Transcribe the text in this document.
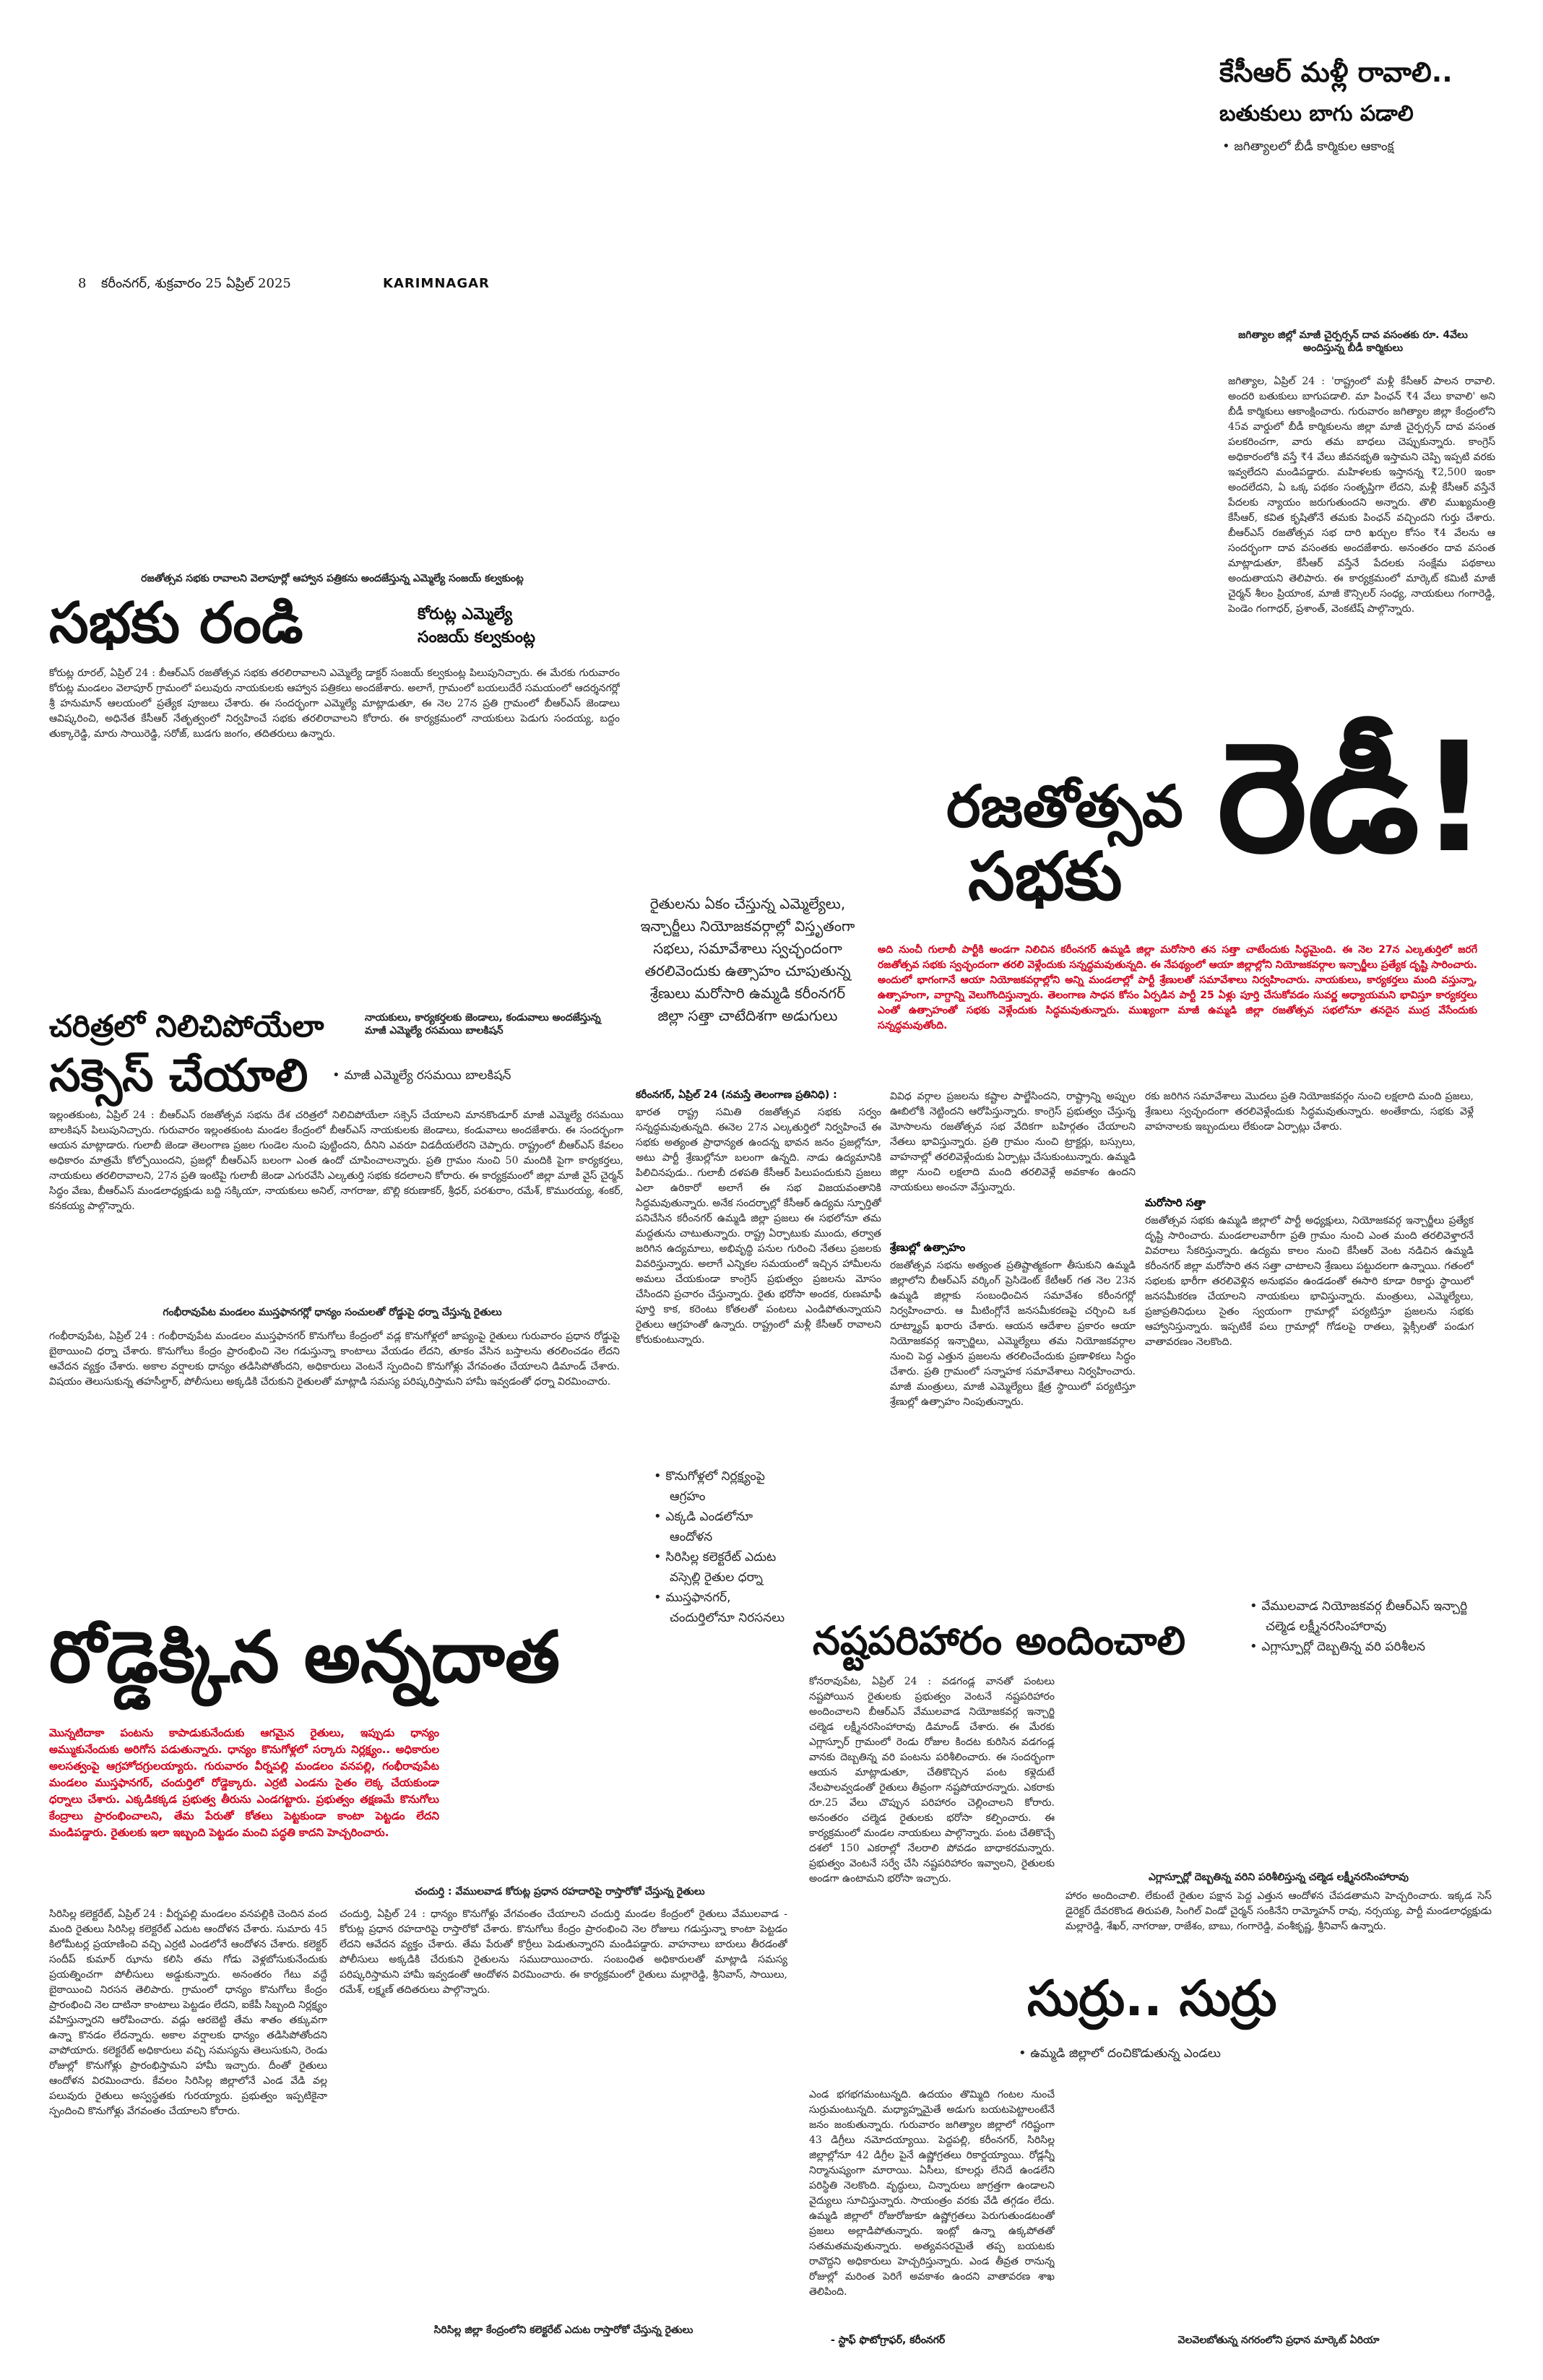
కేసీఆర్ మళ్లీ రావాలి..
బతుకులు బాగు పడాలి
• జగిత్యాలలో బీడీ కార్మికుల ఆకాంక్ష
8 కరీంనగర్, శుక్రవారం 25 ఏప్రిల్ 2025	KARIMNAGAR
జగిత్యాల జిల్లో మాజీ చైర్పర్సన్ దావ వసంతకు రూ. 4వేలు అందిస్తున్న బీడీ కార్మికులు
జగిత్యాల, ఏప్రిల్ 24 : 'రాష్ట్రంలో మళ్లీ కేసీఆర్ పాలన రావాలి. అందరి బతుకులు బాగుపడాలి. మా పింఛన్ ₹4 వేలు కావాలి' అని బీడీ కార్మికులు ఆకాంక్షించారు. గురువారం జగిత్యాల జిల్లా కేంద్రంలోని 45వ వార్డులో బీడీ కార్మికులను జిల్లా మాజీ చైర్పర్సన్ దావ వసంత పలకరించగా, వారు తమ బాధలు చెప్పుకున్నారు. కాంగ్రెస్ అధికారంలోకి వస్తే ₹4 వేలు జీవనభృతి ఇస్తామని చెప్పి ఇప్పటి వరకు ఇవ్వలేదని మండిపడ్డారు. మహిళలకు ఇస్తానన్న ₹2,500 ఇంకా అందలేదని, ఏ ఒక్క పథకం సంతృప్తిగా లేదని, మళ్లీ కేసీఆర్ వస్తేనే పేదలకు న్యాయం జరుగుతుందని అన్నారు. తొలి ముఖ్యమంత్రి కేసీఆర్, కవిత కృషితోనే తమకు పింఛన్ వచ్చిందని గుర్తు చేశారు. బీఆర్ఎస్ రజతోత్సవ సభ దారి ఖర్చుల కోసం ₹4 వేలను ఆ సందర్భంగా దావ వసంతకు అందజేశారు. అనంతరం దావ వసంత మాట్లాడుతూ, కేసీఆర్ వస్తేనే పేదలకు సంక్షేమ పథకాలు అందుతాయని తెలిపారు. ఈ కార్యక్రమంలో మార్కెట్ కమిటీ మాజీ చైర్మన్ శీలం ప్రియాంక, మాజీ కౌన్సిలర్ సంధ్య, నాయకులు గంగారెడ్డి, పెండెం గంగాధర్, ప్రశాంత్, వెంకటేష్ పాల్గొన్నారు.
రజతోత్సవ సభకు రావాలని వెలాపూర్లో ఆహ్వాన పత్రికను అందజేస్తున్న ఎమ్మెల్యే సంజయ్ కల్వకుంట్ల
సభకు రండి	కోరుట్ల ఎమ్మెల్యే
సంజయ్ కల్వకుంట్ల
కోరుట్ల రూరల్, ఏప్రిల్ 24 : బీఆర్ఎస్ రజతోత్సవ సభకు తరలిరావాలని ఎమ్మెల్యే డాక్టర్ సంజయ్ కల్వకుంట్ల పిలుపునిచ్చారు. ఈ మేరకు గురువారం కోరుట్ల మండలం వెలాపూర్ గ్రామంలో పలువురు నాయకులకు ఆహ్వాన పత్రికలు అందజేశారు. అలాగే, గ్రామంలో బయలుదేరే సమయంలో ఆదర్శనగర్లో శ్రీ హనుమాన్ ఆలయంలో ప్రత్యేక పూజలు చేశారు. ఈ సందర్భంగా ఎమ్మెల్యే మాట్లాడుతూ, ఈ నెల 27న ప్రతి గ్రామంలో బీఆర్ఎస్ జెండాలు ఆవిష్కరించి, అధినేత కేసీఆర్ నేతృత్వంలో నిర్వహించే సభకు తరలిరావాలని కోరారు. ఈ కార్యక్రమంలో నాయకులు పెడుగు సందయ్య, బద్దం తుక్కారెడ్డి, మారు సాయిరెడ్డి, సరోజ్, బుడగు జంగం, తదితరులు ఉన్నారు.
రజతోత్సవ
సభకు రెడీ!
రైతులను ఏకం చేస్తున్న ఎమ్మెల్యేలు, ఇన్చార్జీలు నియోజకవర్గాల్లో విస్తృతంగా సభలు, సమావేశాలు స్వచ్ఛందంగా తరలివెందుకు ఉత్సాహం చూపుతున్న శ్రేణులు మరోసారి ఉమ్మడి కరీంనగర్ జిల్లా సత్తా చాటేదిశగా అడుగులు
అది నుంచీ గులాబీ పార్టీకి అండగా నిలిచిన కరీంనగర్ ఉమ్మడి జిల్లా మరోసారి తన సత్తా చాటేందుకు సిద్ధమైంది. ఈ నెల 27న ఎల్కతుర్తిలో జరగే రజతోత్సవ సభకు స్వచ్ఛందంగా తరలి వెళ్లేందుకు సన్నద్ధమవుతున్నది. ఈ నేపథ్యంలో ఆయా జిల్లాల్లోని నియోజకవర్గాల ఇన్చార్జీలు ప్రత్యేక దృష్టి సారించారు. అందులో భాగంగానే ఆయా నియోజకవర్గాల్లోని అన్ని మండలాల్లో పార్టీ శ్రేణులతో సమావేశాలు నిర్వహించారు. నాయకులు, కార్యకర్తలు మంది వస్తున్నా, ఉత్సాహంగా, వాగ్దాన్ని వెలుగొందిస్తున్నారు. తెలంగాణ సాధన కోసం ఏర్పడిన పార్టీ 25 ఏళ్లు పూర్తి చేసుకోవడం సువర్ణ అధ్యాయమని భావిస్తూ కార్యకర్తలు ఎంతో ఉత్సాహంతో సభకు వెళ్లేందుకు సిద్ధమవుతున్నారు. ముఖ్యంగా మాజీ ఉమ్మడి జిల్లా రజతోత్సవ సభలోనూ తనదైన ముద్ర వేసేందుకు సన్నద్ధమవుతోంది.
చరిత్రలో నిలిచిపోయేలా
సక్సెస్ చేయాలి
నాయకులు, కార్యకర్తలకు జెండాలు, కండువాలు అందజేస్తున్న మాజీ ఎమ్మెల్యే రసమయి బాలకిషన్
• మాజీ ఎమ్మెల్యే రసమయి బాలకిషన్
ఇల్లంతకుంట, ఏప్రిల్ 24 : బీఆర్ఎస్ రజతోత్సవ సభను దేశ చరిత్రలో నిలిచిపోయేలా సక్సెస్ చేయాలని మానకొండూర్ మాజీ ఎమ్మెల్యే రసమయి బాలకిషన్ పిలుపునిచ్చారు. గురువారం ఇల్లంతకుంట మండల కేంద్రంలో బీఆర్ఎస్ నాయకులకు జెండాలు, కండువాలు అందజేశారు. ఈ సందర్భంగా ఆయన మాట్లాడారు. గులాబీ జెండా తెలంగాణ ప్రజల గుండెల నుంచి పుట్టిందని, దీనిని ఎవరూ విడదీయలేరని చెప్పారు. రాష్ట్రంలో బీఆర్ఎస్ కేవలం అధికారం మాత్రమే కోల్పోయిందని, ప్రజల్లో బీఆర్ఎస్ బలంగా ఎంత ఉందో చూపించాలన్నారు. ప్రతి గ్రామం నుంచి 50 మందికి పైగా కార్యకర్తలు, నాయకులు తరలిరావాలని, 27న ప్రతి ఇంటిపై గులాబీ జెండా ఎగురవేసి ఎల్కతుర్తి సభకు కదలాలని కోరారు. ఈ కార్యక్రమంలో జిల్లా మాజీ వైస్ చైర్మన్ సిద్ధం వేణు, బీఆర్ఎస్ మండలాధ్యక్షుడు బద్ది సక్కియా, నాయకులు అనిల్, నాగరాజు, బొల్లి కరుణాకర్, శ్రీధర్, పరశురాం, రమేశ్, కొమురయ్య, శంకర్, కనకయ్య పాల్గొన్నారు.
కరీంనగర్, ఏప్రిల్ 24 (నమస్తే తెలంగాణ ప్రతినిధి) :
భారత రాష్ట్ర సమితి రజతోత్సవ సభకు సర్వం సన్నద్ధమవుతున్నది. ఈనెల 27న ఎల్కతుర్తిలో నిర్వహించే ఈ సభకు అత్యంత ప్రాధాన్యత ఉందన్న భావన జనం ప్రజల్లోనూ, అటు పార్టీ శ్రేణుల్లోనూ బలంగా ఉన్నది. నాడు ఉద్యమానికి పిలిచినపుడు.. గులాబీ దళపతి కేసీఆర్ పిలుపందుకుని ప్రజలు ఎలా ఉరికారో అలాగే ఈ సభ విజయవంతానికి సిద్ధమవుతున్నారు. అనేక సందర్భాల్లో కేసీఆర్ ఉద్యమ స్ఫూర్తితో పనిచేసిన కరీంనగర్ ఉమ్మడి జిల్లా ప్రజలు ఈ సభలోనూ తమ మద్దతును చాటుతున్నారు. రాష్ట్ర ఏర్పాటుకు ముందు, తర్వాత జరిగిన ఉద్యమాలు, అభివృద్ధి పనుల గురించి నేతలు ప్రజలకు వివరిస్తున్నారు. అలాగే ఎన్నికల సమయంలో ఇచ్చిన హామీలను అమలు చేయకుండా కాంగ్రెస్ ప్రభుత్వం ప్రజలను మోసం చేసిందని ప్రచారం చేస్తున్నారు. రైతు భరోసా అందక, రుణమాఫీ పూర్తి కాక, కరెంటు కోతలతో పంటలు ఎండిపోతున్నాయని రైతులు ఆగ్రహంతో ఉన్నారు. రాష్ట్రంలో మళ్లీ కేసీఆర్ రావాలని కోరుకుంటున్నారు.
వివిధ వర్గాల ప్రజలను కష్టాల పాల్జేసిందని, రాష్ట్రాన్ని అప్పుల ఊబిలోకి నెట్టిందని ఆరోపిస్తున్నారు. కాంగ్రెస్ ప్రభుత్వం చేస్తున్న మోసాలను రజతోత్సవ సభ వేదికగా బహిర్గతం చేయాలని నేతలు భావిస్తున్నారు. ప్రతి గ్రామం నుంచి ట్రాక్టర్లు, బస్సులు, వాహనాల్లో తరలివెళ్లేందుకు ఏర్పాట్లు చేసుకుంటున్నారు. ఉమ్మడి జిల్లా నుంచి లక్షలాది మంది తరలివెళ్లే అవకాశం ఉందని నాయకులు అంచనా వేస్తున్నారు.
శ్రేణుల్లో ఉత్సాహం
రజతోత్సవ సభను అత్యంత ప్రతిష్టాత్మకంగా తీసుకుని ఉమ్మడి జిల్లాలోని బీఆర్ఎస్ వర్కింగ్ ప్రెసిడెంట్ కేటీఆర్ గత నెల 23న ఉమ్మడి జిల్లాకు సంబంధించిన సమావేశం కరీంనగర్లో నిర్వహించారు. ఆ మీటింగ్లోనే జనసమీకరణపై చర్చించి ఒక రూట్మ్యాప్ ఖరారు చేశారు. ఆయన ఆదేశాల ప్రకారం ఆయా నియోజకవర్గ ఇన్చార్జిలు, ఎమ్మెల్యేలు తమ నియోజకవర్గాల నుంచి పెద్ద ఎత్తున ప్రజలను తరలించేందుకు ప్రణాళికలు సిద్ధం చేశారు. ప్రతి గ్రామంలో సన్నాహక సమావేశాలు నిర్వహించారు. మాజీ మంత్రులు, మాజీ ఎమ్మెల్యేలు క్షేత్ర స్థాయిలో పర్యటిస్తూ శ్రేణుల్లో ఉత్సాహం నింపుతున్నారు.
రకు జరిగిన సమావేశాలు మొదలు ప్రతి నియోజకవర్గం నుంచి లక్షలాది మంది ప్రజలు, శ్రేణులు స్వచ్ఛందంగా తరలివెళ్లేందుకు సిద్ధమవుతున్నారు. అంతేకాదు, సభకు వెళ్లే వాహనాలకు ఇబ్బందులు లేకుండా ఏర్పాట్లు చేశారు.
మరోసారి సత్తా
రజతోత్సవ సభకు ఉమ్మడి జిల్లాలో పార్టీ అధ్యక్షులు, నియోజకవర్గ ఇన్చార్జీలు ప్రత్యేక దృష్టి సారించారు. మండలాలవారీగా ప్రతి గ్రామం నుంచి ఎంత మంది తరలివెళ్తారనే వివరాలు సేకరిస్తున్నారు. ఉద్యమ కాలం నుంచి కేసీఆర్ వెంట నడిచిన ఉమ్మడి కరీంనగర్ జిల్లా మరోసారి తన సత్తా చాటాలని శ్రేణులు పట్టుదలగా ఉన్నాయి. గతంలో సభలకు భారీగా తరలివెళ్లిన అనుభవం ఉండడంతో ఈసారి కూడా రికార్డు స్థాయిలో జనసమీకరణ చేయాలని నాయకులు భావిస్తున్నారు. మంత్రులు, ఎమ్మెల్యేలు, ప్రజాప్రతినిధులు సైతం స్వయంగా గ్రామాల్లో పర్యటిస్తూ ప్రజలను సభకు ఆహ్వానిస్తున్నారు. ఇప్పటికే పలు గ్రామాల్లో గోడలపై రాతలు, ఫ్లెక్సీలతో పండుగ వాతావరణం నెలకొంది.
గంభీరావుపేట మండలం ముస్తఫానగర్లో ధాన్యం సంచులతో రోడ్డుపై ధర్నా చేస్తున్న రైతులు
గంభీరావుపేట, ఏప్రిల్ 24 : గంభీరావుపేట మండలం ముస్తఫానగర్ కొనుగోలు కేంద్రంలో వడ్ల కొనుగోళ్లలో జాప్యంపై రైతులు గురువారం ప్రధాన రోడ్డుపై బైఠాయించి ధర్నా చేశారు. కొనుగోలు కేంద్రం ప్రారంభించి నెల గడుస్తున్నా కాంటాలు వేయడం లేదని, తూకం వేసిన బస్తాలను తరలించడం లేదని ఆవేదన వ్యక్తం చేశారు. అకాల వర్షాలకు ధాన్యం తడిసిపోతోందని, అధికారులు వెంటనే స్పందించి కొనుగోళ్లు వేగవంతం చేయాలని డిమాండ్ చేశారు. విషయం తెలుసుకున్న తహసీల్దార్, పోలీసులు అక్కడికి చేరుకుని రైతులతో మాట్లాడి సమస్య పరిష్కరిస్తామని హామీ ఇవ్వడంతో ధర్నా విరమించారు.
• కొనుగోళ్లలో నిర్లక్ష్యంపై ఆగ్రహం
• ఎక్కడి ఎండలోనూ ఆందోళన
• సిరిసిల్ల కలెక్టరేట్ ఎదుట వస్సెల్లి రైతుల ధర్నా
• ముస్తఫానగర్, చందుర్తిలోనూ నిరసనలు
రోడ్డెక్కిన అన్నదాత
మొన్నటిదాకా పంటను కాపాడుకునేందుకు ఆగమైన రైతులు, ఇప్పుడు ధాన్యం అమ్ముకునేందుకు అరిగోస పడుతున్నారు. ధాన్యం కొనుగోళ్లలో సర్కారు నిర్లక్ష్యం.. అధికారుల అలసత్వంపై ఆగ్రహోదగ్రులయ్యారు. గురువారం వీర్నపల్లి మండలం వనపల్లి, గంభీరావుపేట మండలం ముస్తఫానగర్, చందుర్తిలో రోడ్డెక్కారు. ఎర్రటి ఎండను సైతం లెక్క చేయకుండా ధర్నాలు చేశారు. ఎక్కడికక్కడ ప్రభుత్వ తీరును ఎండగట్టారు. ప్రభుత్వం తక్షణమే కొనుగోలు కేంద్రాలు ప్రారంభించాలని, తేమ పేరుతో కోతలు పెట్టకుండా కాంటా పెట్టడం లేదని మండిపడ్డారు. రైతులకు ఇలా ఇబ్బంది పెట్టడం మంచి పద్ధతి కాదని హెచ్చరించారు.
సిరిసిల్ల కలెక్టరేట్, ఏప్రిల్ 24 : వీర్నపల్లి మండలం వనపల్లికి చెందిన వంద మంది రైతులు సిరిసిల్ల కలెక్టరేట్ ఎదుట ఆందోళన చేశారు. సుమారు 45 కిలోమీటర్ల ప్రయాణించి వచ్చి ఎర్రటి ఎండలోనే ఆందోళన చేశారు. కలెక్టర్ సందీప్ కుమార్ ఝాను కలిసి తమ గోడు వెళ్లబోసుకునేందుకు ప్రయత్నించగా పోలీసులు అడ్డుకున్నారు. అనంతరం గేటు వద్దే బైఠాయించి నిరసన తెలిపారు. గ్రామంలో ధాన్యం కొనుగోలు కేంద్రం ప్రారంభించి నెల దాటినా కాంటాలు పెట్టడం లేదని, ఐకేపీ సిబ్బంది నిర్లక్ష్యం వహిస్తున్నారని ఆరోపించారు. వడ్లు ఆరబెట్టి తేమ శాతం తక్కువగా ఉన్నా కొనడం లేదన్నారు. అకాల వర్షాలకు ధాన్యం తడిసిపోతోందని వాపోయారు. కలెక్టరేట్ అధికారులు వచ్చి సమస్యను తెలుసుకుని, రెండు రోజుల్లో కొనుగోళ్లు ప్రారంభిస్తామని హామీ ఇచ్చారు. దీంతో రైతులు ఆందోళన విరమించారు. కేవలం సిరిసిల్ల జిల్లాలోనే ఎండ వేడి వల్ల పలువురు రైతులు అస్వస్థతకు గురయ్యారు. ప్రభుత్వం ఇప్పటికైనా స్పందించి కొనుగోళ్లు వేగవంతం చేయాలని కోరారు.
చందుర్తి : వేములవాడ కోరుట్ల ప్రధాన రహదారిపై రాస్తారోకో చేస్తున్న రైతులు
చందుర్తి, ఏప్రిల్ 24 : ధాన్యం కొనుగోళ్లు వేగవంతం చేయాలని చందుర్తి మండల కేంద్రంలో రైతులు వేములవాడ - కోరుట్ల ప్రధాన రహదారిపై రాస్తారోకో చేశారు. కొనుగోలు కేంద్రం ప్రారంభించి నెల రోజులు గడుస్తున్నా కాంటా పెట్టడం లేదని ఆవేదన వ్యక్తం చేశారు. తేమ పేరుతో కొర్రీలు పెడుతున్నారని మండిపడ్డారు. వాహనాలు బారులు తీరడంతో పోలీసులు అక్కడికి చేరుకుని రైతులను సముదాయించారు. సంబంధిత అధికారులతో మాట్లాడి సమస్య పరిష్కరిస్తామని హామీ ఇవ్వడంతో ఆందోళన విరమించారు. ఈ కార్యక్రమంలో రైతులు మల్లారెడ్డి, శ్రీనివాస్, సాయిలు, రమేశ్, లక్ష్మణ్ తదితరులు పాల్గొన్నారు.
సిరిసిల్ల జిల్లా కేంద్రంలోని కలెక్టరేట్ ఎదుట రాస్తారోకో చేస్తున్న రైతులు
నష్టపరిహారం అందించాలి
• వేములవాడ నియోజకవర్గ బీఆర్ఎస్ ఇన్చార్జి చల్మెడ లక్ష్మీనరసింహారావు
• ఎగ్లాస్పూర్లో దెబ్బతిన్న వరి పరిశీలన
కోనరావుపేట, ఏప్రిల్ 24 : వడగండ్ల వానతో పంటలు నష్టపోయిన రైతులకు ప్రభుత్వం వెంటనే నష్టపరిహారం అందించాలని బీఆర్ఎస్ వేములవాడ నియోజకవర్గ ఇన్చార్జి చల్మెడ లక్ష్మీనరసింహారావు డిమాండ్ చేశారు. ఈ మేరకు ఎగ్లాస్పూర్ గ్రామంలో రెండు రోజుల కిందట కురిసిన వడగండ్ల వానకు దెబ్బతిన్న వరి పంటను పరిశీలించారు. ఈ సందర్భంగా ఆయన మాట్లాడుతూ, చేతికొచ్చిన పంట కళ్లెదుటే నేలపాలవ్వడంతో రైతులు తీవ్రంగా నష్టపోయారన్నారు. ఎకరాకు రూ.25 వేలు చొప్పున పరిహారం చెల్లించాలని కోరారు. అనంతరం చల్మెడ రైతులకు భరోసా కల్పించారు. ఈ కార్యక్రమంలో మండల నాయకులు పాల్గొన్నారు. పంట చేతికొచ్చే దశలో 150 ఎకరాల్లో నేలరాలి పోవడం బాధాకరమన్నారు. ప్రభుత్వం వెంటనే సర్వే చేసి నష్టపరిహారం ఇవ్వాలని, రైతులకు అండగా ఉంటామని భరోసా ఇచ్చారు.	ఎగ్లాస్పూర్లో దెబ్బతిన్న వరిని పరిశీలిస్తున్న చల్మెడ లక్ష్మీనరసింహారావు
హారం అందించాలి. లేకుంటే రైతుల పక్షాన పెద్ద ఎత్తున ఆందోళన చేపడతామని హెచ్చరించారు. ఇక్కడ సెస్ డైరెక్టర్ దేవరకొండ తిరుపతి, సింగిల్ విండో చైర్మన్ సంకినేని రామ్మోహన్ రావు, నర్సయ్య, పార్టీ మండలాధ్యక్షుడు మల్లారెడ్డి, శేఖర్, నాగరాజు, రాజేశం, బాబు, గంగారెడ్డి, వంశీకృష్ణ, శ్రీనివాస్ ఉన్నారు.
సుర్రు.. సుర్రు
• ఉమ్మడి జిల్లాలో దంచికొడుతున్న ఎండలు
ఎండ భగభగమంటున్నది. ఉదయం తొమ్మిది గంటల నుంచే సుర్రుమంటున్నది. మధ్యాహ్నమైతే అడుగు బయటపెట్టాలంటేనే జనం జంకుతున్నారు. గురువారం జగిత్యాల జిల్లాలో గరిష్టంగా 43 డిగ్రీలు నమోదయ్యాయి. పెద్దపల్లి, కరీంనగర్, సిరిసిల్ల జిల్లాల్లోనూ 42 డిగ్రీల పైనే ఉష్ణోగ్రతలు రికార్డయ్యాయి. రోడ్లన్నీ నిర్మానుష్యంగా మారాయి. ఏసీలు, కూలర్లు లేనిదే ఉండలేని పరిస్థితి నెలకొంది. వృద్ధులు, చిన్నారులు జాగ్రత్తగా ఉండాలని వైద్యులు సూచిస్తున్నారు. సాయంత్రం వరకు వేడి తగ్గడం లేదు. ఉమ్మడి జిల్లాలో రోజురోజుకూ ఉష్ణోగ్రతలు పెరుగుతుండటంతో ప్రజలు అల్లాడిపోతున్నారు. ఇంట్లో ఉన్నా ఉక్కపోతతో సతమతమవుతున్నారు. అత్యవసరమైతే తప్ప బయటకు రావొద్దని అధికారులు హెచ్చరిస్తున్నారు. ఎండ తీవ్రత రానున్న రోజుల్లో మరింత పెరిగే అవకాశం ఉందని వాతావరణ శాఖ తెలిపింది.
- స్టాఫ్ ఫొటోగ్రాఫర్, కరీంనగర్	వెలవెలబోతున్న నగరంలోని ప్రధాన మార్కెట్ ఏరియా
